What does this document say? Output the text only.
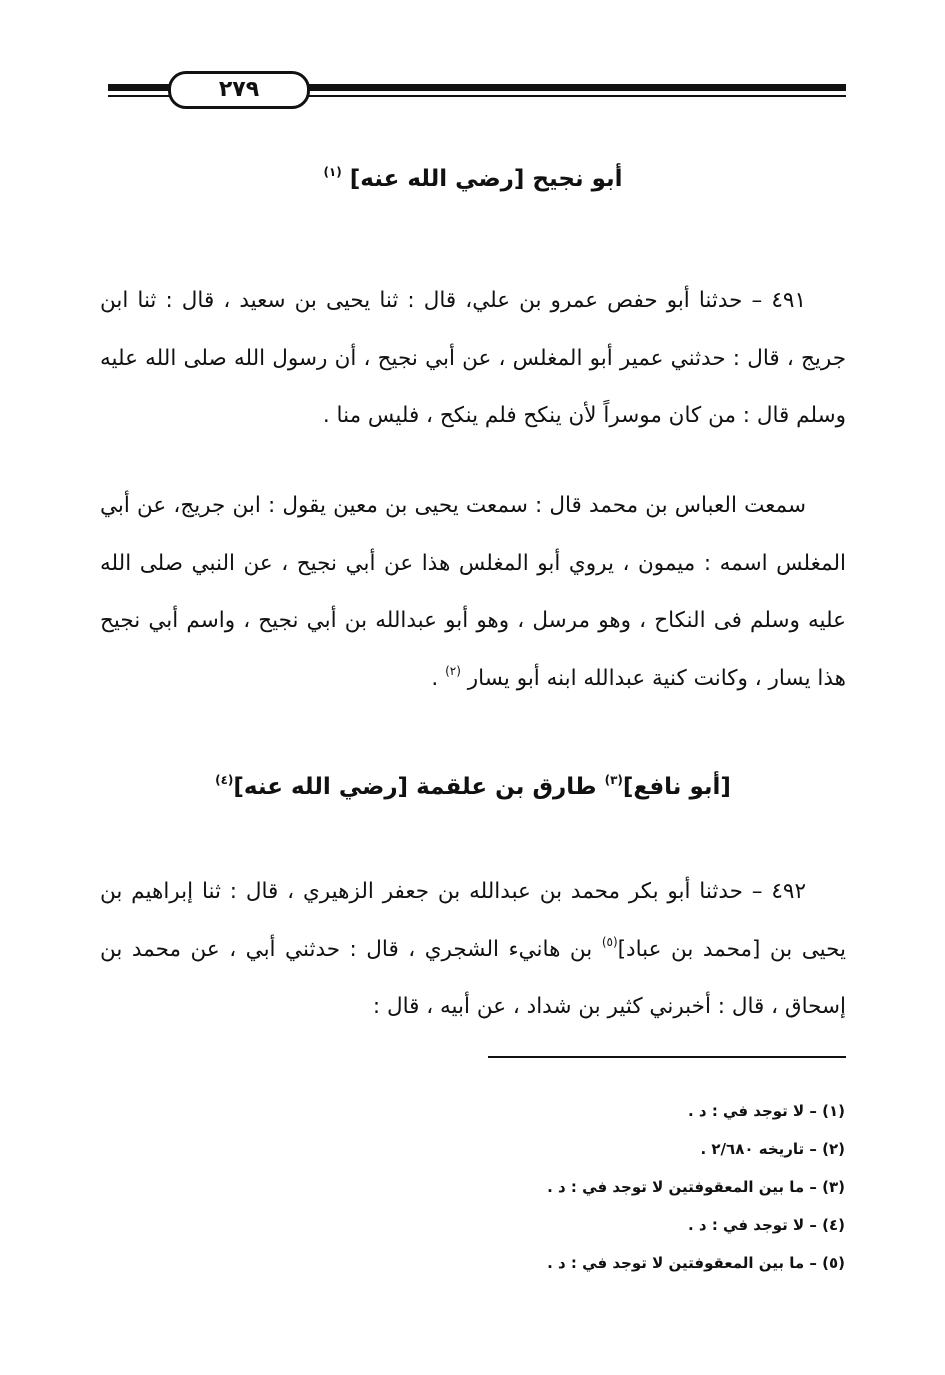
٢٧٩
أبو نجيح [رضي الله عنه] $^{(١)}$
٤٩١ – حدثنا أبو حفص عمرو بن علي، قال : ثنا يحيى بن سعيد ، قال : ثنا ابن جريج ، قال : حدثني عمير أبو المغلس ، عن أبي نجيح ، أن رسول الله صلى الله عليه وسلم قال : من كان موسراً لأن ينكح فلم ينكح ، فليس منا .
سمعت العباس بن محمد قال : سمعت يحيى بن معين يقول : ابن جريج، عن أبي المغلس اسمه : ميمون ، يروي أبو المغلس هذا عن أبي نجيح ، عن النبي صلى الله عليه وسلم فى النكاح ، وهو مرسل ، وهو أبو عبدالله بن أبي نجيح ، واسم أبي نجيح هذا يسار ، وكانت كنية عبدالله ابنه أبو يسار $^{(٢)}$ .
[أبو نافع]$^{(٣)}$ طارق بن علقمة [رضي الله عنه]$^{(٤)}$
٤٩٢ – حدثنا أبو بكر محمد بن عبدالله بن جعفر الزهيري ، قال : ثنا إبراهيم بن يحيى بن [محمد بن عباد]$^{(٥)}$ بن هانيء الشجري ، قال : حدثني أبي ، عن محمد بن إسحاق ، قال : أخبرني كثير بن شداد ، عن أبيه ، قال :
(١) – لا توجد في : د .
(٢) – تاريخه ٢/٦٨٠ .
(٣) – ما بين المعقوفتين لا توجد في : د .
(٤) – لا توجد في : د .
(٥) – ما بين المعقوفتين لا توجد في : د .
